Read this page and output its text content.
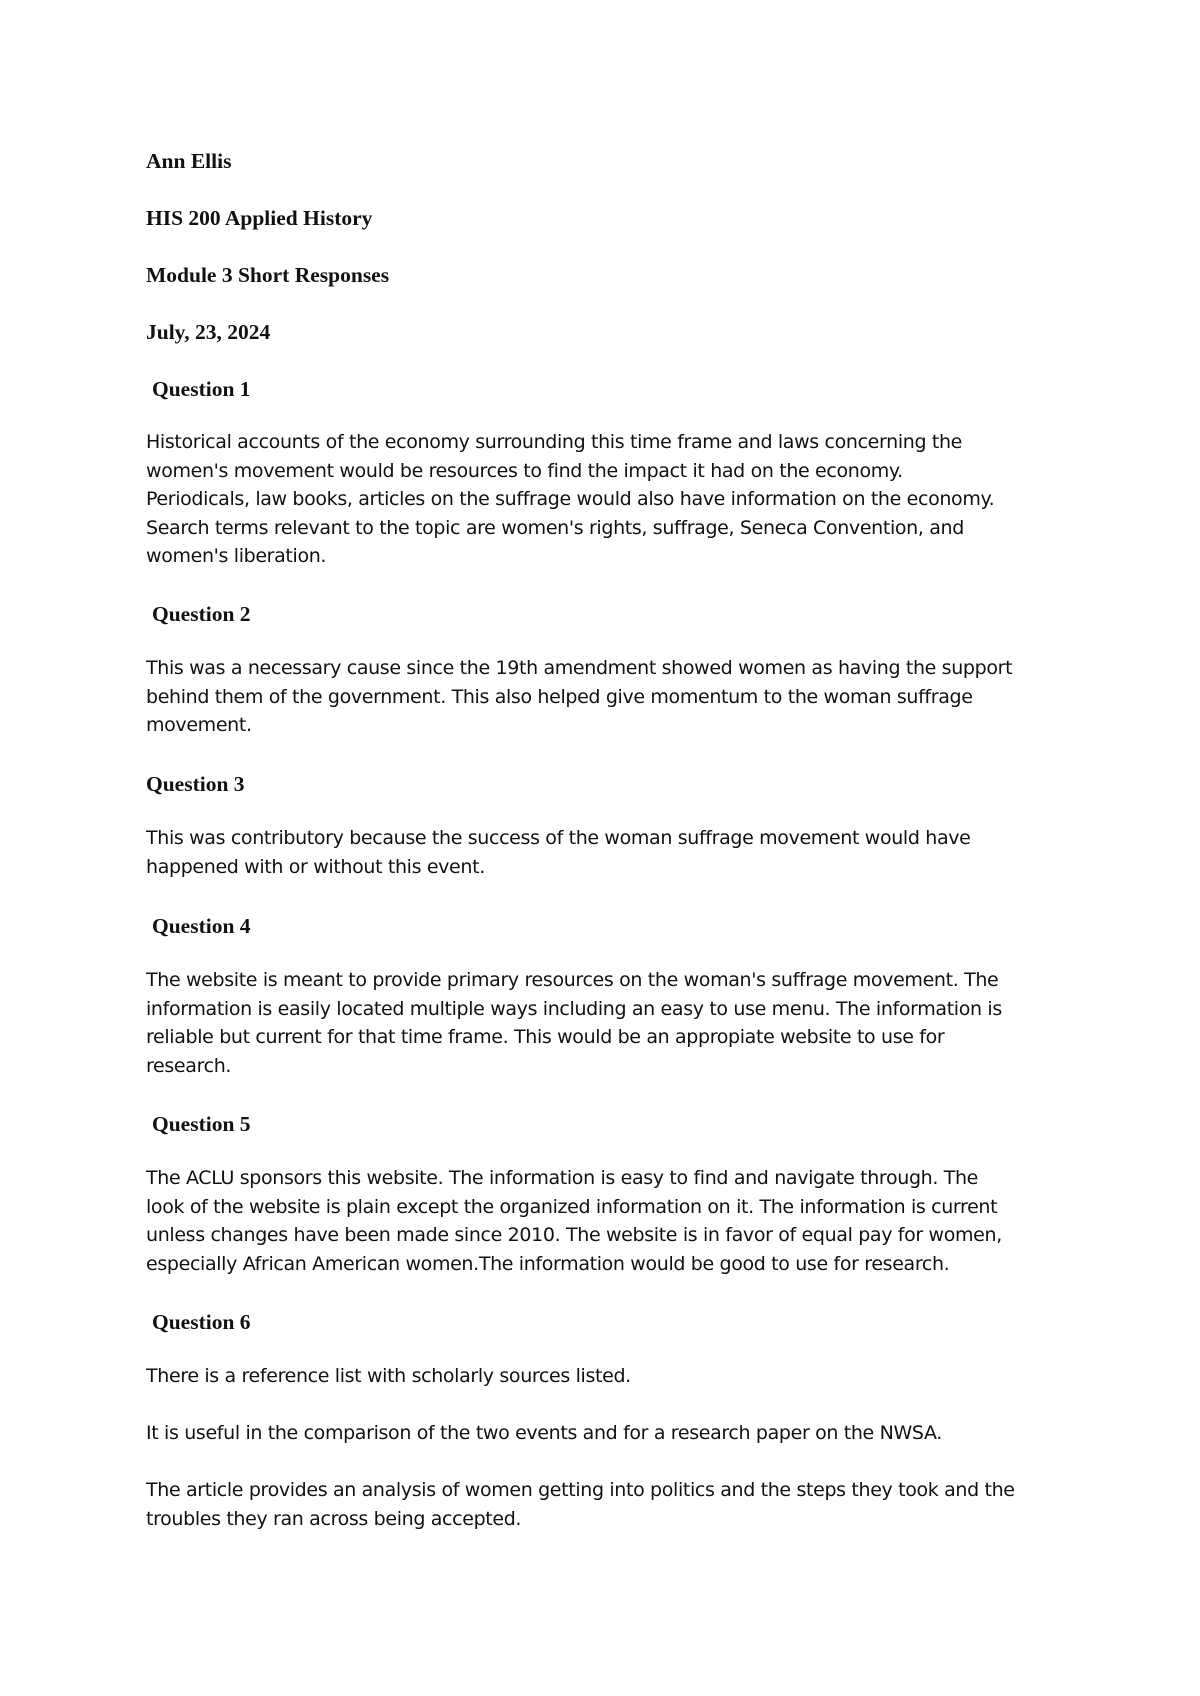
Ann Ellis
HIS 200 Applied History
Module 3 Short Responses
July, 23, 2024
Question 1
Historical accounts of the economy surrounding this time frame and laws concerning the
women's movement would be resources to find the impact it had on the economy.
Periodicals, law books, articles on the suffrage would also have information on the economy.
Search terms relevant to the topic are women's rights, suffrage, Seneca Convention, and
women's liberation.
Question 2
This was a necessary cause since the 19th amendment showed women as having the support
behind them of the government. This also helped give momentum to the woman suffrage
movement.
Question 3
This was contributory because the success of the woman suffrage movement would have
happened with or without this event.
Question 4
The website is meant to provide primary resources on the woman's suffrage movement. The
information is easily located multiple ways including an easy to use menu. The information is
reliable but current for that time frame. This would be an appropiate website to use for
research.
Question 5
The ACLU sponsors this website. The information is easy to find and navigate through. The
look of the website is plain except the organized information on it. The information is current
unless changes have been made since 2010. The website is in favor of equal pay for women,
especially African American women.The information would be good to use for research.
Question 6
There is a reference list with scholarly sources listed.
It is useful in the comparison of the two events and for a research paper on the NWSA.
The article provides an analysis of women getting into politics and the steps they took and the
troubles they ran across being accepted.
